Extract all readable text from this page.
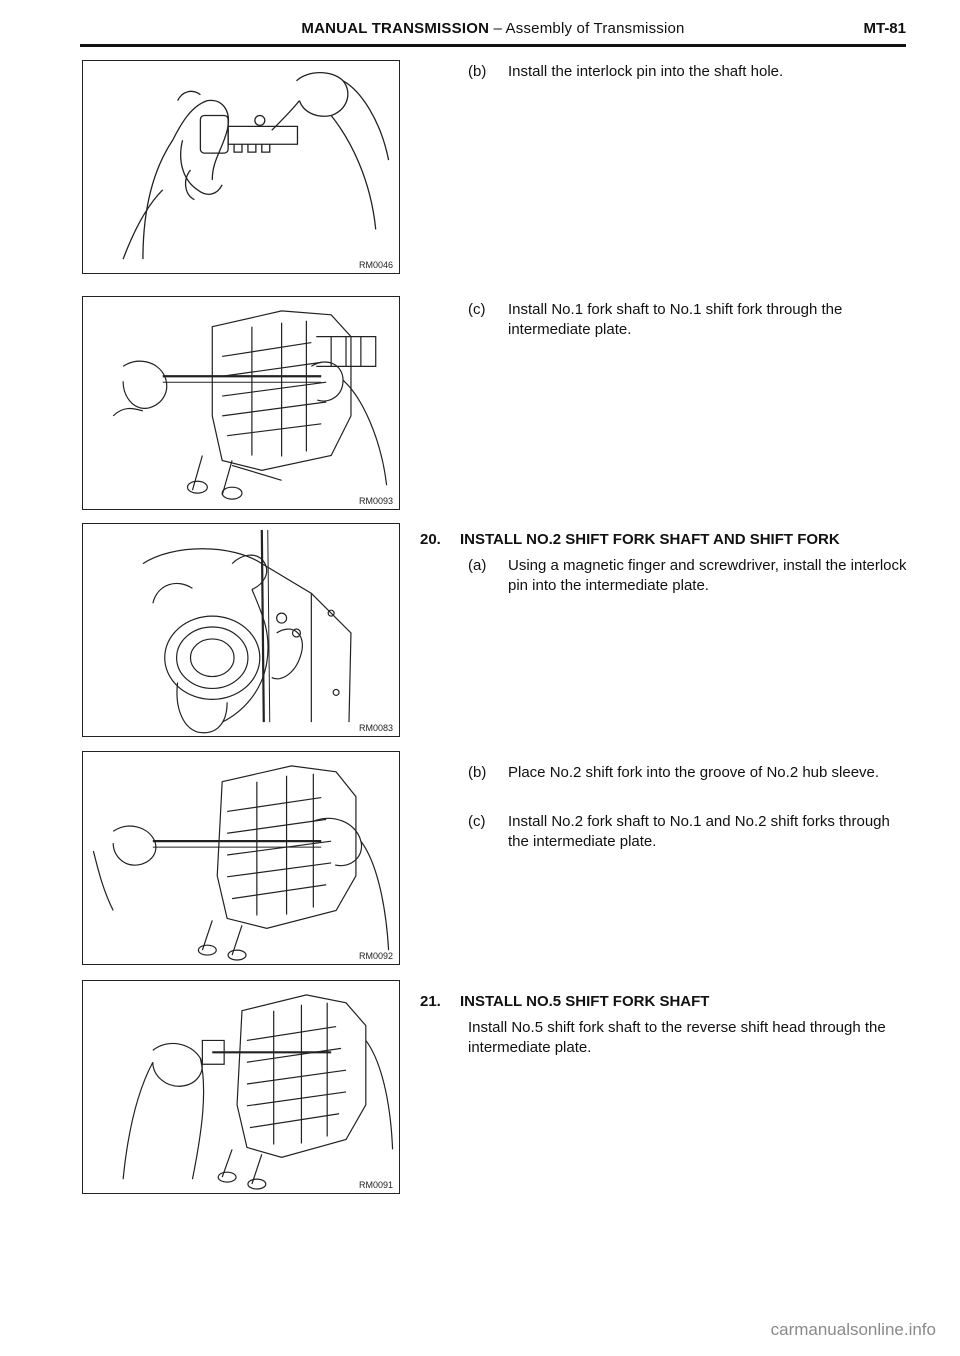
MANUAL TRANSMISSION – Assembly of Transmission	MT-81
RM0046
RM0093
RM0083
RM0092
RM0091
(b)	Install the interlock pin into the shaft hole.
(c)	Install No.1 fork shaft to No.1 shift fork through the intermediate plate.
20.	INSTALL NO.2 SHIFT FORK SHAFT AND SHIFT FORK
(a)	Using a magnetic finger and screwdriver, install the interlock pin into the intermediate plate.
(b)	Place No.2 shift fork into the groove of No.2 hub sleeve.
(c)	Install No.2 fork shaft to No.1 and No.2 shift forks through the intermediate plate.
21.	INSTALL NO.5 SHIFT FORK SHAFT
Install No.5 shift fork shaft to the reverse shift head through the intermediate plate.
carmanualsonline.info
